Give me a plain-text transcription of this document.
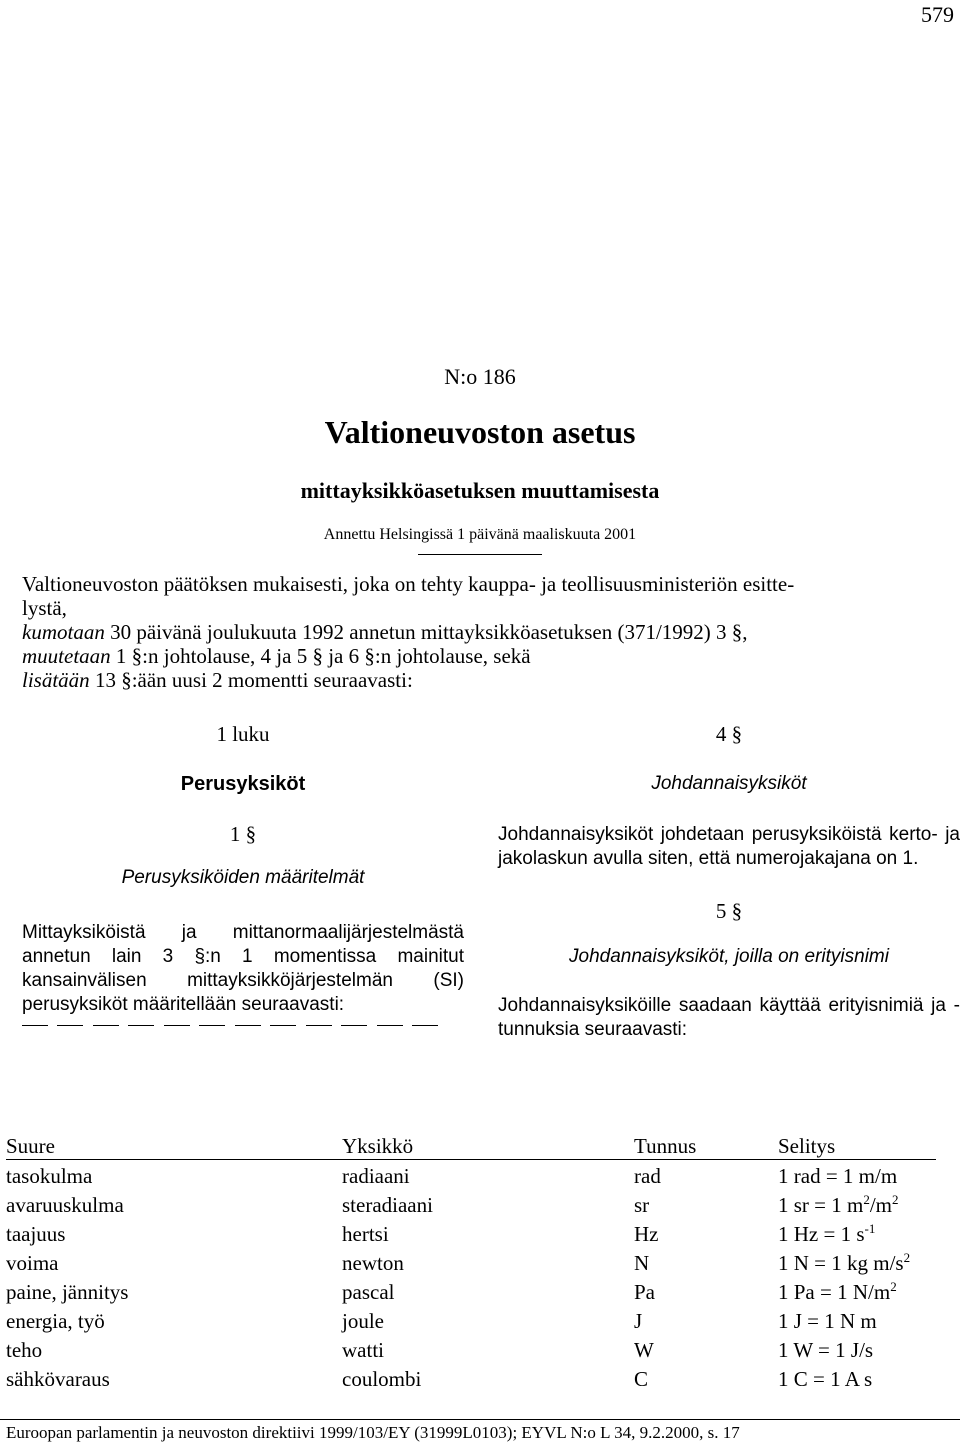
579
N:o 186
Valtioneuvoston asetus
mittayksikköasetuksen muuttamisesta
Annettu Helsingissä 1 päivänä maaliskuuta 2001

Valtioneuvoston päätöksen mukaisesti, joka on tehty kauppa- ja teollisuusministeriön esitte-

lystä,

kumotaan 30 päivänä joulukuuta 1992 annetun mittayksikköasetuksen (371/1992) 3 §,

muutetaan 1 §:n johtolause, 4 ja 5 § ja 6 §:n johtolause, sekä

lisätään 13 §:ään uusi 2 momentti seuraavasti:

1 luku
Perusyksiköt
1 §
Perusyksiköiden määritelmät
Mittayksiköistä ja mittanormaalijärjestelmästä annetun lain 3 §:n 1 momentissa mainitut kansainvälisen mittayksikköjärjestelmän (SI) perusyksiköt määritellään seuraavasti:
4 §
Johdannaisyksiköt
Johdannaisyksiköt johdetaan perusyksiköistä kerto- ja jakolaskun avulla siten, että numerojakajana on 1.
5 §
Johdannaisyksiköt, joilla on erityisnimi
Johdannaisyksiköille saadaan käyttää erityisnimiä ja -tunnuksia seuraavasti:
Suure	Yksikkö	Tunnus	Selitys
tasokulma	radiaani	rad	1 rad = 1 m/m
avaruuskulma	steradiaani	sr	1 sr = 1 $m^2/m^2$
taajuus	hertsi	Hz	1 Hz = 1 $s^{-1}$
voima	newton	N	1 N = 1 kg $m/s^2$
paine, jännitys	pascal	Pa	1 Pa = 1 $N/m^2$
energia, työ	joule	J	1 J = 1 N m
teho	watti	W	1 W = 1 J/s
sähkövaraus	coulombi	C	1 C = 1 A s
Euroopan parlamentin ja neuvoston direktiivi 1999/103/EY (31999L0103); EYVL N:o L 34, 9.2.2000, s. 17
